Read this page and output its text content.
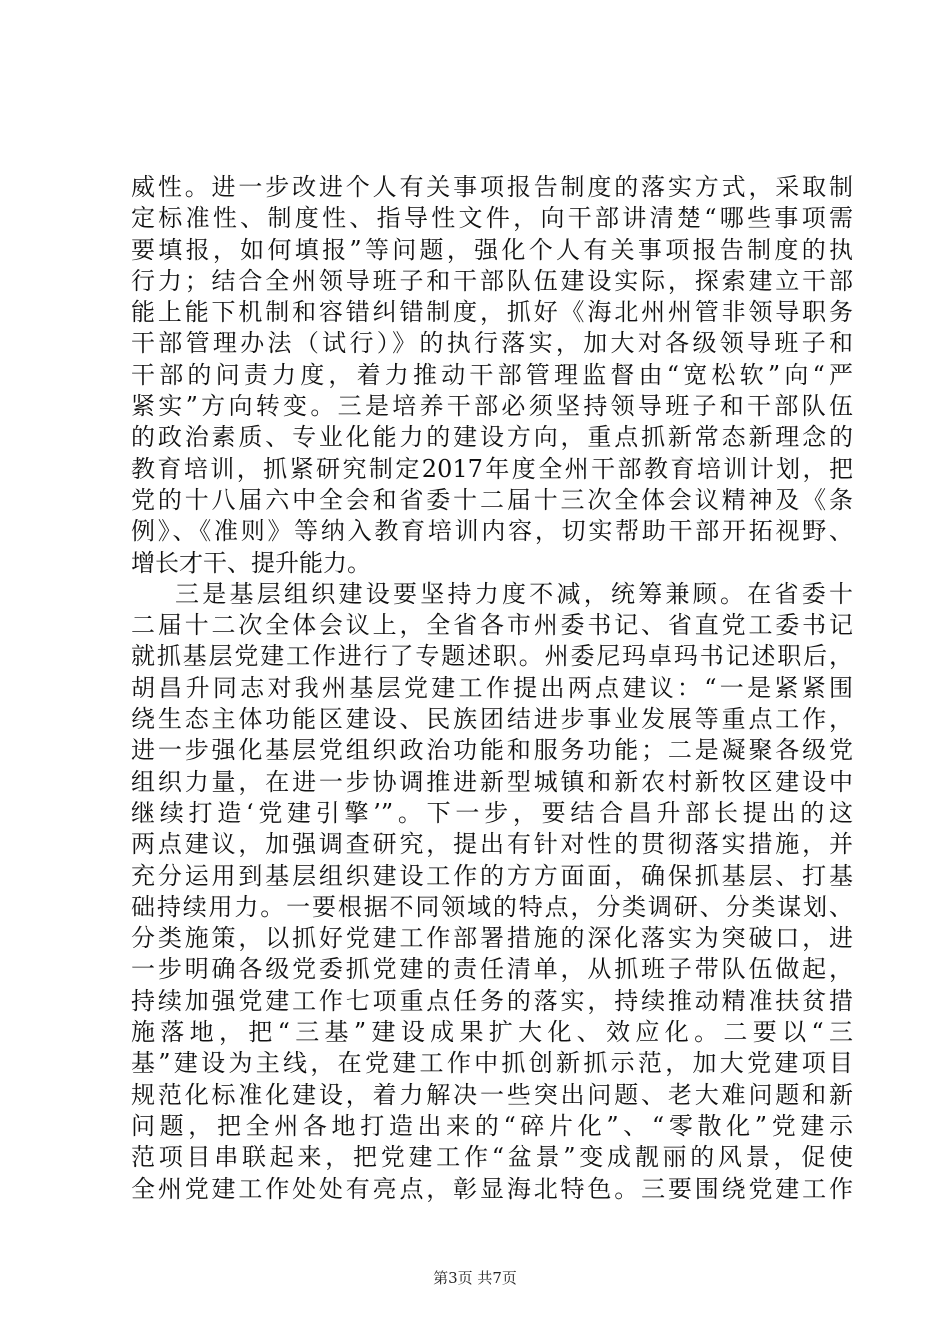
威性。进一步改进个人有关事项报告制度的落实方式，采取制
定标准性、制度性、指导性文件，向干部讲清楚“哪些事项需
要填报，如何填报”等问题，强化个人有关事项报告制度的执
行力；结合全州领导班子和干部队伍建设实际，探索建立干部
能上能下机制和容错纠错制度，抓好《海北州州管非领导职务
干部管理办法（试行）》的执行落实，加大对各级领导班子和
干部的问责力度，着力推动干部管理监督由“宽松软”向“严
紧实”方向转变。三是培养干部必须坚持领导班子和干部队伍
的政治素质、专业化能力的建设方向，重点抓新常态新理念的
教育培训，抓紧研究制定2017年度全州干部教育培训计划，把
党的十八届六中全会和省委十二届十三次全体会议精神及《条
例》、《准则》等纳入教育培训内容，切实帮助干部开拓视野、
增长才干、提升能力。
三是基层组织建设要坚持力度不减，统筹兼顾。在省委十
二届十二次全体会议上，全省各市州委书记、省直党工委书记
就抓基层党建工作进行了专题述职。州委尼玛卓玛书记述职后，
胡昌升同志对我州基层党建工作提出两点建议：“一是紧紧围
绕生态主体功能区建设、民族团结进步事业发展等重点工作，
进一步强化基层党组织政治功能和服务功能；二是凝聚各级党
组织力量，在进一步协调推进新型城镇和新农村新牧区建设中
继续打造‘党建引擎’”。下一步，要结合昌升部长提出的这
两点建议，加强调查研究，提出有针对性的贯彻落实措施，并
充分运用到基层组织建设工作的方方面面，确保抓基层、打基
础持续用力。一要根据不同领域的特点，分类调研、分类谋划、
分类施策，以抓好党建工作部署措施的深化落实为突破口，进
一步明确各级党委抓党建的责任清单，从抓班子带队伍做起，
持续加强党建工作七项重点任务的落实，持续推动精准扶贫措
施落地，把“三基”建设成果扩大化、效应化。二要以“三
基”建设为主线，在党建工作中抓创新抓示范，加大党建项目
规范化标准化建设，着力解决一些突出问题、老大难问题和新
问题，把全州各地打造出来的“碎片化”、“零散化”党建示
范项目串联起来，把党建工作“盆景”变成靓丽的风景，促使
全州党建工作处处有亮点，彰显海北特色。三要围绕党建工作
第3页 共7页
